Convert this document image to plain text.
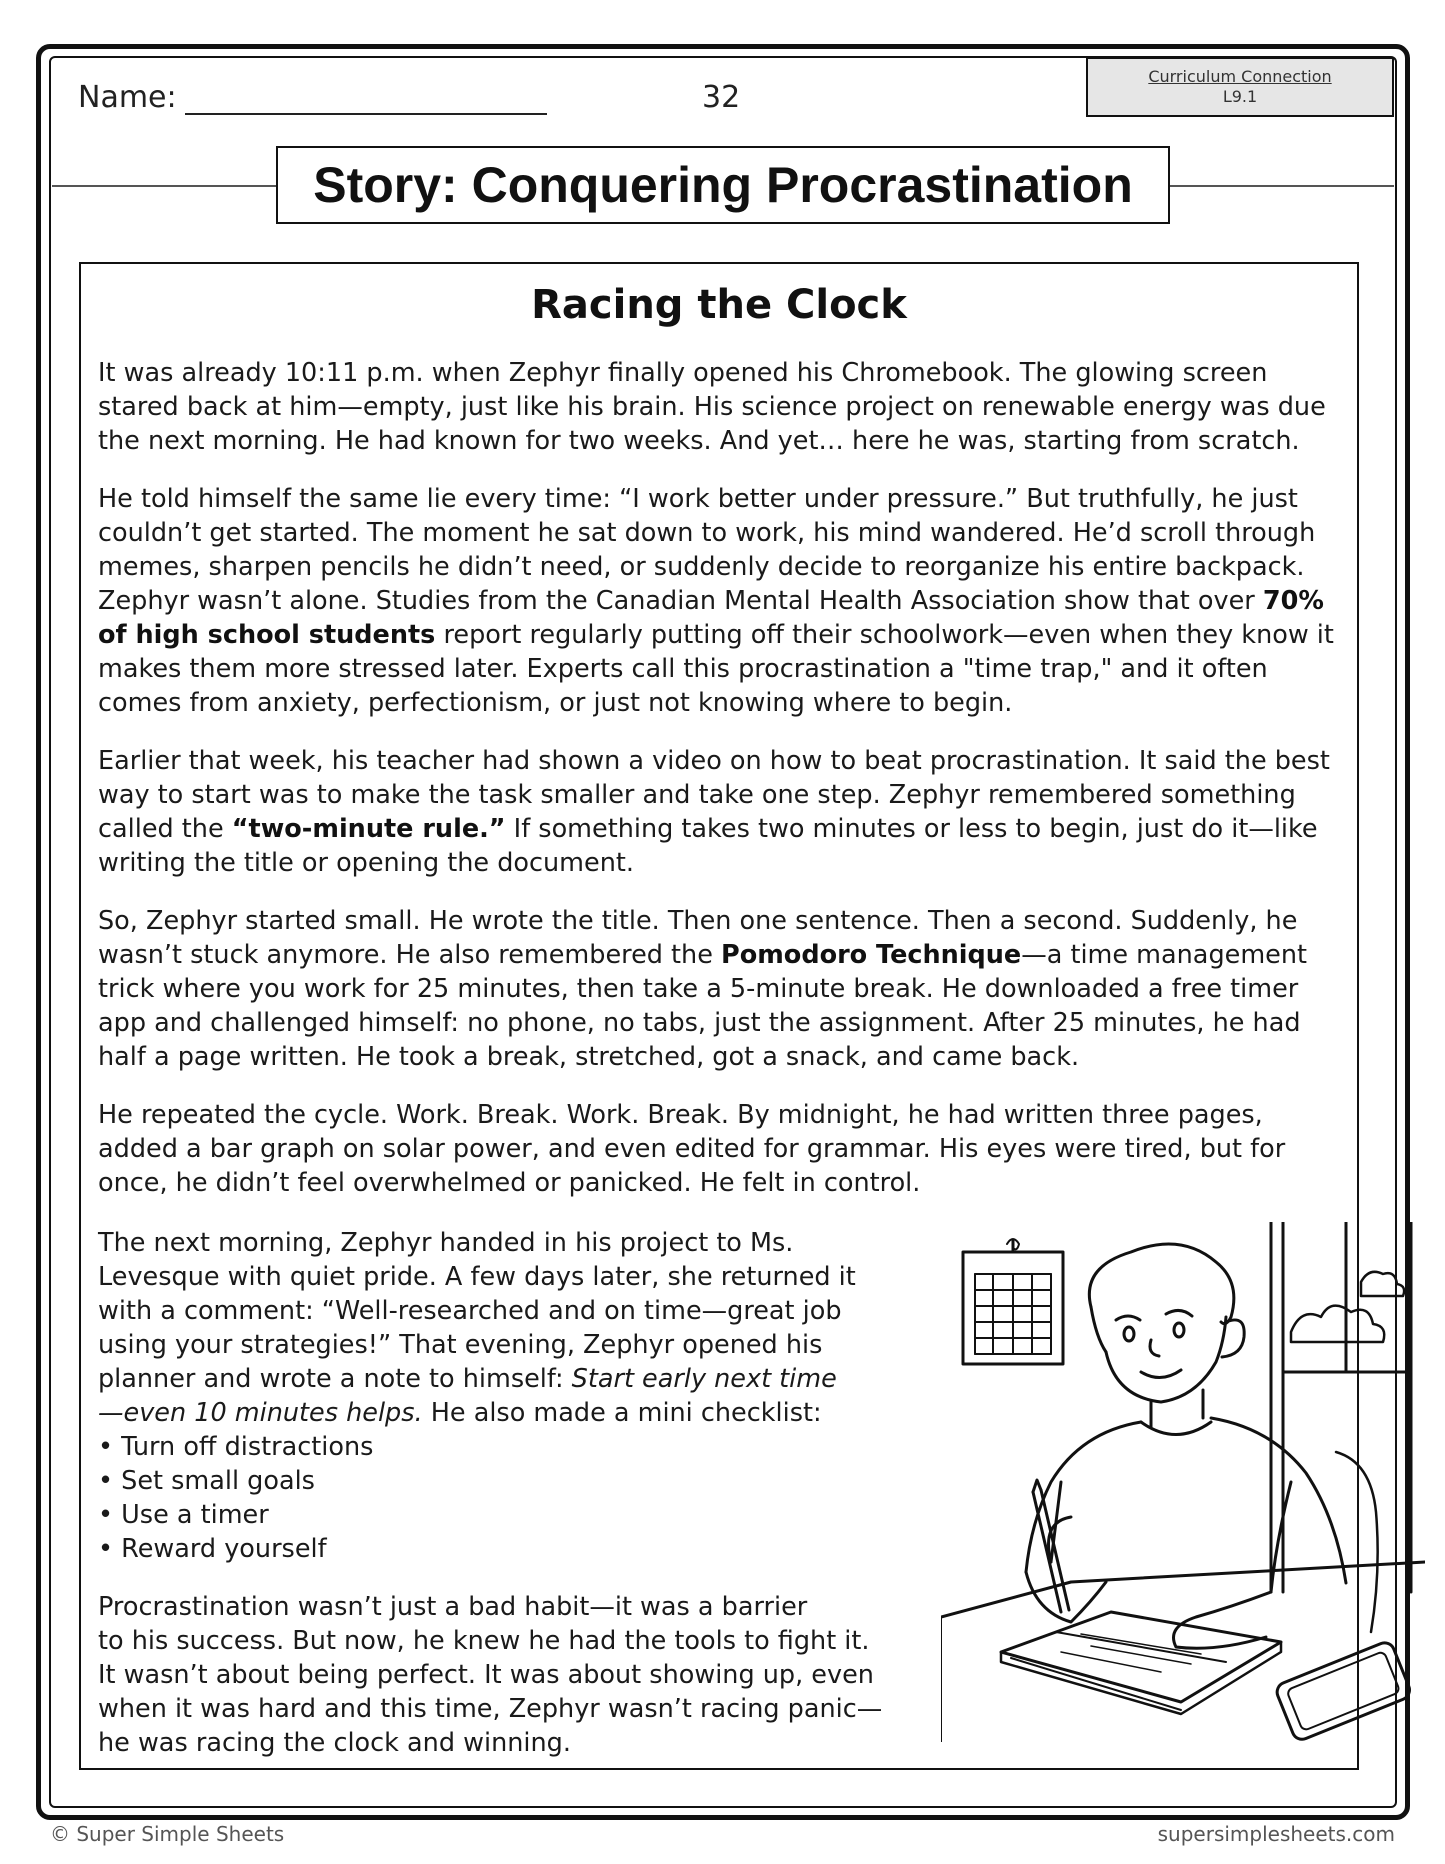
Name:	32
Curriculum Connection
L9.1
Story: Conquering Procrastination
Racing the Clock

It was already 10:11 p.m. when Zephyr finally opened his Chromebook. The glowing screen stared back at him—empty, just like his brain. His science project on renewable energy was due the next morning. He had known for two weeks. And yet… here he was, starting from scratch.

He told himself the same lie every time: “I work better under pressure.” But truthfully, he just couldn’t get started. The moment he sat down to work, his mind wandered. He’d scroll through memes, sharpen pencils he didn’t need, or suddenly decide to reorganize his entire backpack. Zephyr wasn’t alone. Studies from the Canadian Mental Health Association show that over 70% of high school students report regularly putting off their schoolwork—even when they know it makes them more stressed later. Experts call this procrastination a "time trap," and it often comes from anxiety, perfectionism, or just not knowing where to begin.

Earlier that week, his teacher had shown a video on how to beat procrastination. It said the best way to start was to make the task smaller and take one step. Zephyr remembered something called the “two-minute rule.” If something takes two minutes or less to begin, just do it—like writing the title or opening the document.

So, Zephyr started small. He wrote the title. Then one sentence. Then a second. Suddenly, he wasn’t stuck anymore. He also remembered the Pomodoro Technique—a time management trick where you work for 25 minutes, then take a 5-minute break. He downloaded a free timer app and challenged himself: no phone, no tabs, just the assignment. After 25 minutes, he had half a page written. He took a break, stretched, got a snack, and came back.

He repeated the cycle. Work. Break. Work. Break. By midnight, he had written three pages, added a bar graph on solar power, and even edited for grammar. His eyes were tired, but for once, he didn’t feel overwhelmed or panicked. He felt in control.

The next morning, Zephyr handed in his project to Ms. Levesque with quiet pride. A few days later, she returned it with a comment: “Well-researched and on time—great job using your strategies!” That evening, Zephyr opened his planner and wrote a note to himself: Start early next time—even 10 minutes helps. He also made a mini checklist:

• Turn off distractions
• Set small goals
• Use a timer
• Reward yourself
Procrastination wasn’t just a bad habit—it was a barrier
to his success. But now, he knew he had the tools to fight it.
It wasn’t about being perfect. It was about showing up, even
when it was hard and this time, Zephyr wasn’t racing panic—
he was racing the clock and winning.
© Super Simple Sheets	supersimplesheets.com
